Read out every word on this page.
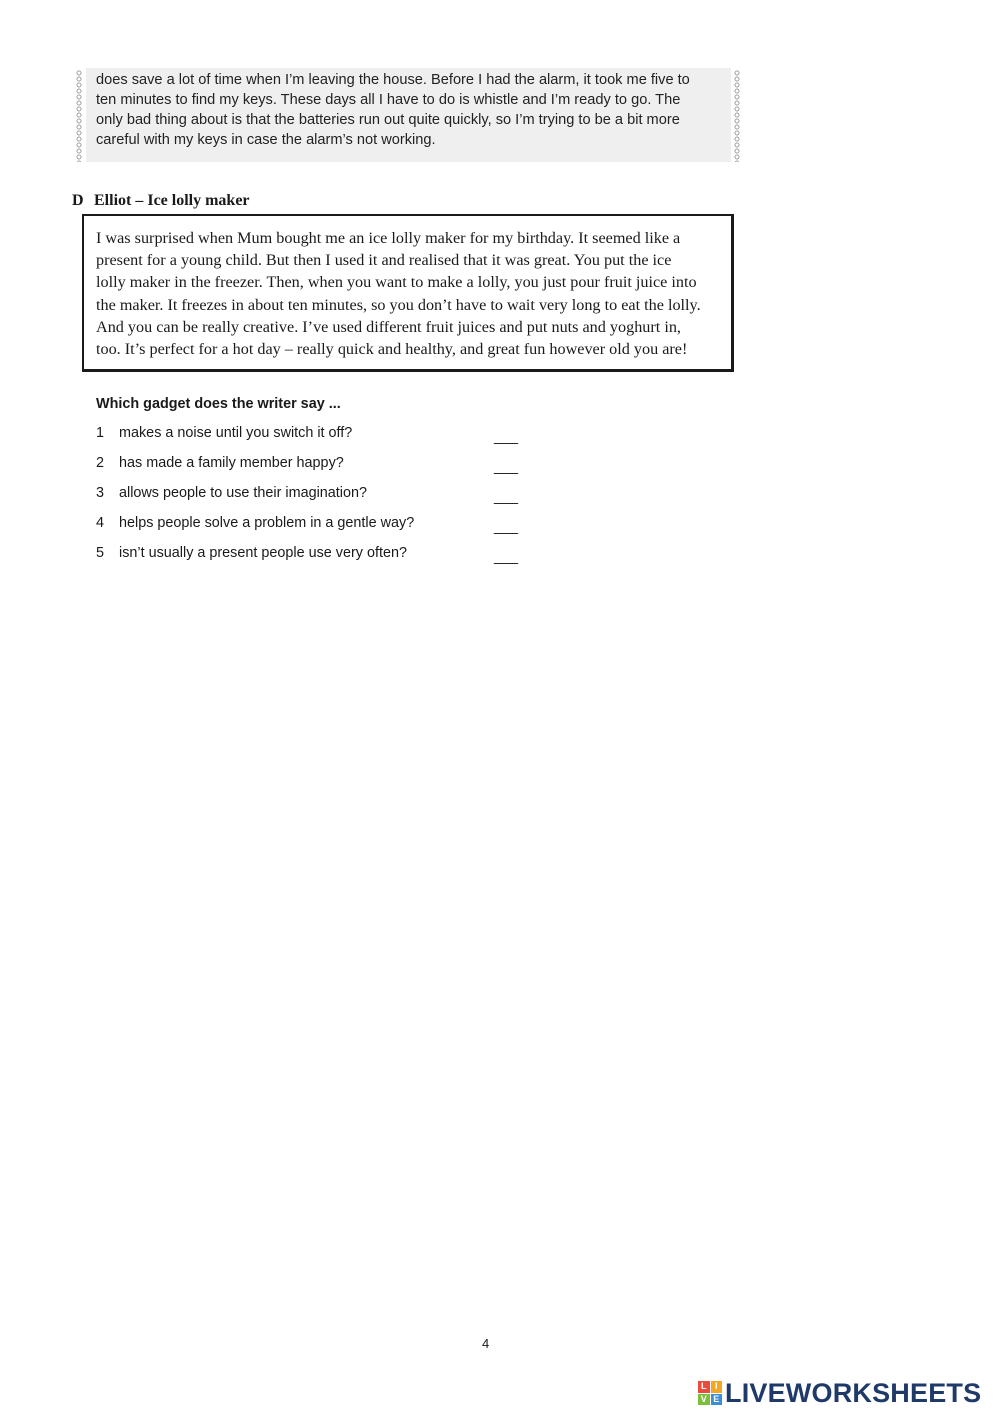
does save a lot of time when I’m leaving the house. Before I had the alarm, it took me five to

ten minutes to find my keys. These days all I have to do is whistle and I’m ready to go. The

only bad thing about is that the batteries run out quite quickly, so I’m trying to be a bit more

careful with my keys in case the alarm’s not working.

D Elliot – Ice lolly maker

I was surprised when Mum bought me an ice lolly maker for my birthday. It seemed like a

present for a young child. But then I used it and realised that it was great. You put the ice

lolly maker in the freezer. Then, when you want to make a lolly, you just pour fruit juice into

the maker. It freezes in about ten minutes, so you don’t have to wait very long to eat the lolly.

And you can be really creative. I’ve used different fruit juices and put nuts and yoghurt in,

too. It’s perfect for a hot day – really quick and healthy, and great fun however old you are!

Which gadget does the writer say ...
1 makes a noise until you switch it off?	___
2 has made a family member happy?	___
3 allows people to use their imagination?	___
4 helps people solve a problem in a gentle way?	___
5 isn’t usually a present people use very often?	___
4
L I
V E LIVEWORKSHEETS
